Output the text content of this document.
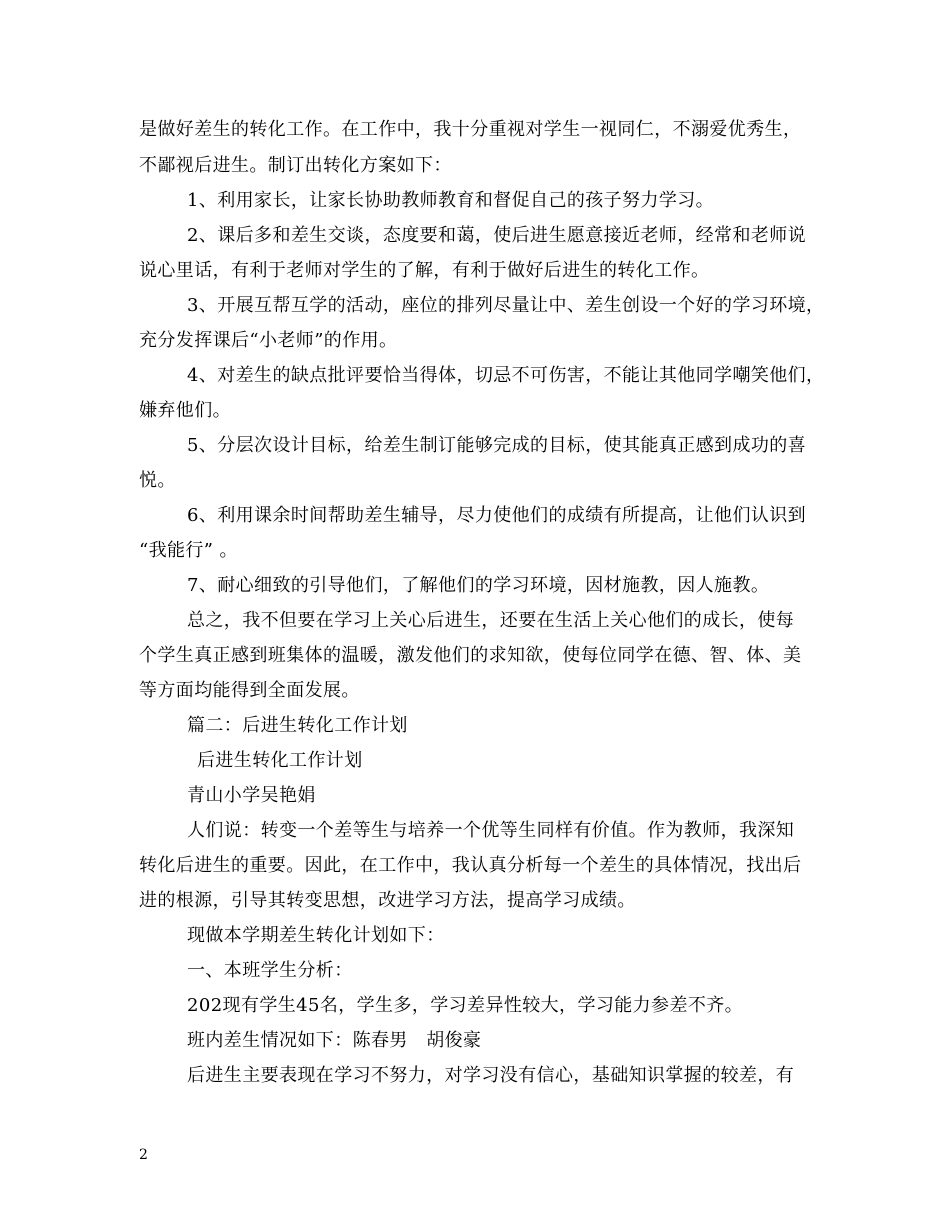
是做好差生的转化工作。在工作中，我十分重视对学生一视同仁，不溺爱优秀生，
不鄙视后进生。制订出转化方案如下：
1、利用家长，让家长协助教师教育和督促自己的孩子努力学习。
2、课后多和差生交谈，态度要和蔼，使后进生愿意接近老师，经常和老师说
说心里话，有利于老师对学生的了解，有利于做好后进生的转化工作。
3、开展互帮互学的活动，座位的排列尽量让中、差生创设一个好的学习环境，
充分发挥课后“小老师”的作用。
4、对差生的缺点批评要恰当得体，切忌不可伤害，不能让其他同学嘲笑他们，
嫌弃他们。
5、分层次设计目标，给差生制订能够完成的目标，使其能真正感到成功的喜
悦。
6、利用课余时间帮助差生辅导，尽力使他们的成绩有所提高，让他们认识到
“我能行” 。
7、耐心细致的引导他们，了解他们的学习环境，因材施教，因人施教。
总之，我不但要在学习上关心后进生，还要在生活上关心他们的成长，使每
个学生真正感到班集体的温暖，激发他们的求知欲，使每位同学在德、智、体、美
等方面均能得到全面发展。
篇二：后进生转化工作计划
后进生转化工作计划
青山小学吴艳娟
人们说：转变一个差等生与培养一个优等生同样有价值。作为教师，我深知
转化后进生的重要。因此，在工作中，我认真分析每一个差生的具体情况，找出后
进的根源，引导其转变思想，改进学习方法，提高学习成绩。
现做本学期差生转化计划如下：
一、本班学生分析：
202现有学生45名，学生多，学习差异性较大，学习能力参差不齐。
班内差生情况如下：陈春男　胡俊豪
后进生主要表现在学习不努力，对学习没有信心，基础知识掌握的较差，有
2
